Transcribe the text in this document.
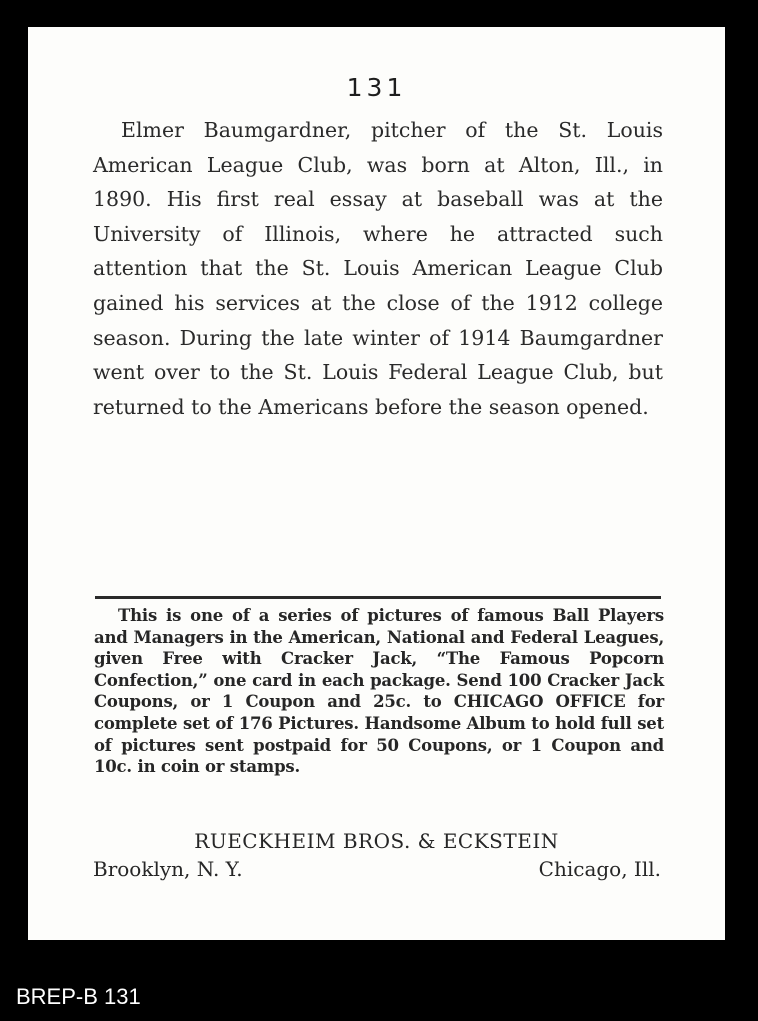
131

Elmer Baumgardner, pitcher of the St. Louis American League Club, was born at Alton, Ill., in 1890. His first real essay at baseball was at the University of Illinois, where he attracted such attention that the St. Louis American League Club gained his services at the close of the 1912 college season. During the late winter of 1914 Baumgardner went over to the St. Louis Federal League Club, but returned to the Americans before the season opened.

This is one of a series of pictures of famous Ball Players and Managers in the American, National and Federal Leagues, given Free with Cracker Jack, “The Famous Popcorn Confection,” one card in each package. Send 100 Cracker Jack Coupons, or 1 Coupon and 25c. to CHICAGO OFFICE for complete set of 176 Pictures. Handsome Album to hold full set of pictures sent postpaid for 50 Coupons, or 1 Coupon and 10c. in coin or stamps.

RUECKHEIM BROS. & ECKSTEIN
Brooklyn, N. Y.	Chicago, Ill.
BREP-B 131
